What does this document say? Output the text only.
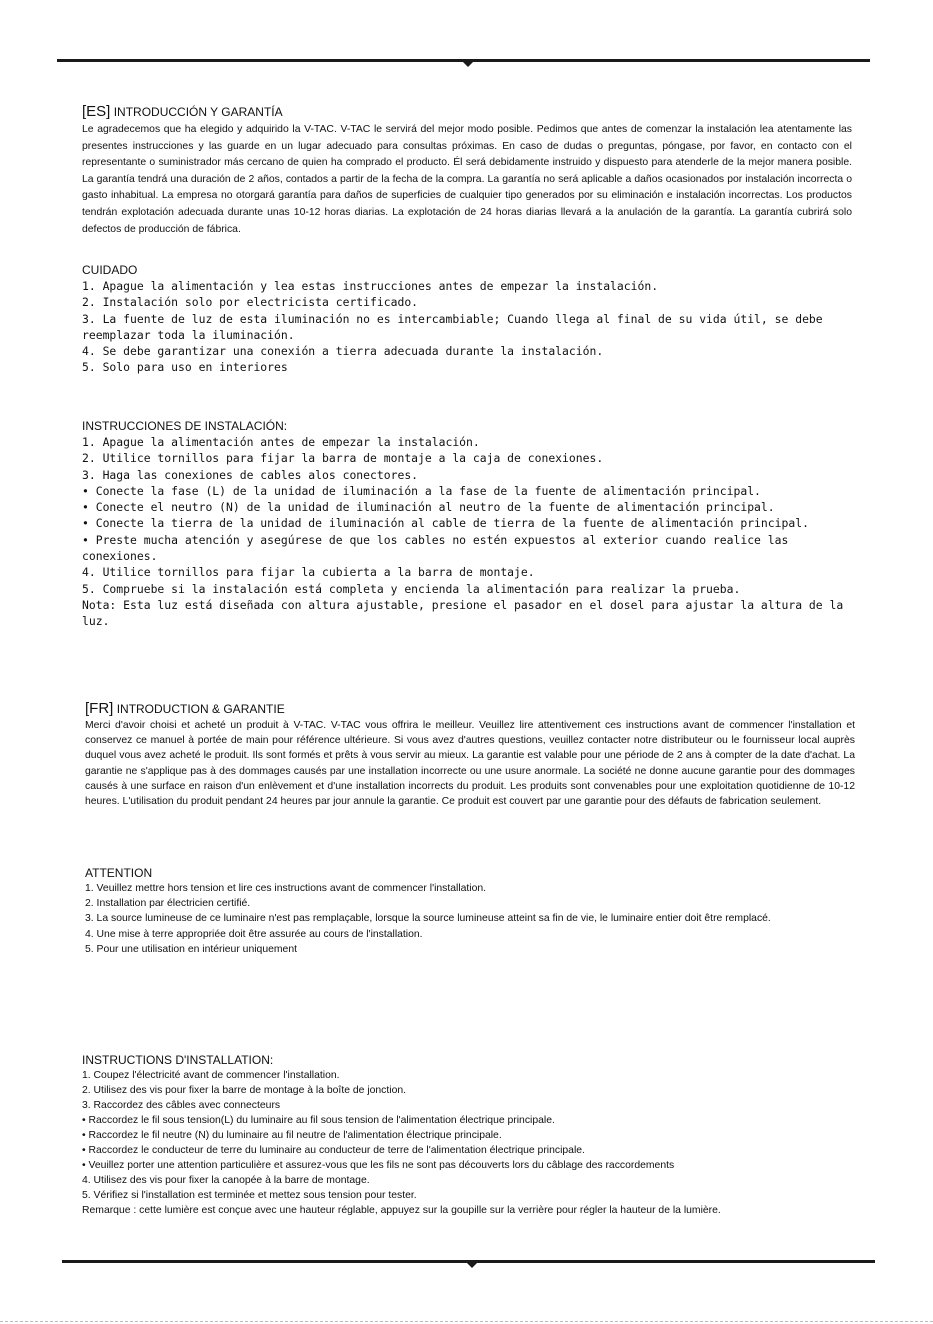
[ES] INTRODUCCIÓN Y GARANTÍA

Le agradecemos que ha elegido y adquirido la V-TAC. V-TAC le servirá del mejor modo posible. Pedimos que antes de comenzar la instalación lea atentamente las presentes instrucciones y las guarde en un lugar adecuado para consultas próximas. En caso de dudas o preguntas, póngase, por favor, en contacto con el representante o suministrador más cercano de quien ha comprado el producto. Él será debidamente instruido y dispuesto para atenderle de la mejor manera posible. La garantía tendrá una duración de 2 años, contados a partir de la fecha de la compra. La garantía no será aplicable a daños ocasionados por instalación incorrecta o gasto inhabitual. La empresa no otorgará garantía para daños de superficies de cualquier tipo generados por su eliminación e instalación incorrectas. Los productos tendrán explotación adecuada durante unas 10-12 horas diarias. La explotación de 24 horas diarias llevará a la anulación de la garantía. La garantía cubrirá solo defectos de producción de fábrica.

CUIDADO

1. Apague la alimentación y lea estas instrucciones antes de empezar la instalación.

2. Instalación solo por electricista certificado.

3. La fuente de luz de esta iluminación no es intercambiable; Cuando llega al final de su vida útil, se debe reemplazar toda la iluminación.

4. Se debe garantizar una conexión a tierra adecuada durante la instalación.

5. Solo para uso en interiores

INSTRUCCIONES DE INSTALACIÓN:

1. Apague la alimentación antes de empezar la instalación.

2. Utilice tornillos para fijar la barra de montaje a la caja de conexiones.

3. Haga las conexiones de cables alos conectores.

• Conecte la fase (L) de la unidad de iluminación a la fase de la fuente de alimentación principal.

• Conecte el neutro (N) de la unidad de iluminación al neutro de la fuente de alimentación principal.

• Conecte la tierra de la unidad de iluminación al cable de tierra de la fuente de alimentación principal.

• Preste mucha atención y asegúrese de que los cables no estén expuestos al exterior cuando realice las conexiones.

4. Utilice tornillos para fijar la cubierta a la barra de montaje.

5. Compruebe si la instalación está completa y encienda la alimentación para realizar la prueba.

Nota: Esta luz está diseñada con altura ajustable, presione el pasador en el dosel para ajustar la altura de la luz.

[FR] INTRODUCTION & GARANTIE

Merci d'avoir choisi et acheté un produit à V-TAC. V-TAC vous offrira le meilleur. Veuillez lire attentivement ces instructions avant de commencer l'installation et conservez ce manuel à portée de main pour référence ultérieure. Si vous avez d'autres questions, veuillez contacter notre distributeur ou le fournisseur local auprès duquel vous avez acheté le produit. Ils sont formés et prêts à vous servir au mieux. La garantie est valable pour une période de 2 ans à compter de la date d'achat. La garantie ne s'applique pas à des dommages causés par une installation incorrecte ou une usure anormale. La société ne donne aucune garantie pour des dommages causés à une surface en raison d'un enlèvement et d'une installation incorrects du produit. Les produits sont convenables pour une exploitation quotidienne de 10-12 heures. L'utilisation du produit pendant 24 heures par jour annule la garantie. Ce produit est couvert par une garantie pour des défauts de fabrication seulement.

ATTENTION

1. Veuillez mettre hors tension et lire ces instructions avant de commencer l'installation.

2. Installation par électricien certifié.

3. La source lumineuse de ce luminaire n'est pas remplaçable, lorsque la source lumineuse atteint sa fin de vie, le luminaire entier doit être remplacé.

4. Une mise à terre appropriée doit être assurée au cours de l'installation.

5. Pour une utilisation en intérieur uniquement

INSTRUCTIONS D'INSTALLATION:

1. Coupez l'électricité avant de commencer l'installation.

2. Utilisez des vis pour fixer la barre de montage à la boîte de jonction.

3. Raccordez des câbles avec connecteurs

• Raccordez le fil sous tension(L) du luminaire au fil sous tension de l'alimentation électrique principale.

• Raccordez le fil neutre (N) du luminaire au fil neutre de l'alimentation électrique principale.

• Raccordez le conducteur de terre du luminaire au conducteur de terre de l'alimentation électrique principale.

• Veuillez porter une attention particulière et assurez-vous que les fils ne sont pas découverts lors du câblage des raccordements

4. Utilisez des vis pour fixer la canopée à la barre de montage.

5. Vérifiez si l'installation est terminée et mettez sous tension pour tester.

Remarque : cette lumière est conçue avec une hauteur réglable, appuyez sur la goupille sur la verrière pour régler la hauteur de la lumière.
